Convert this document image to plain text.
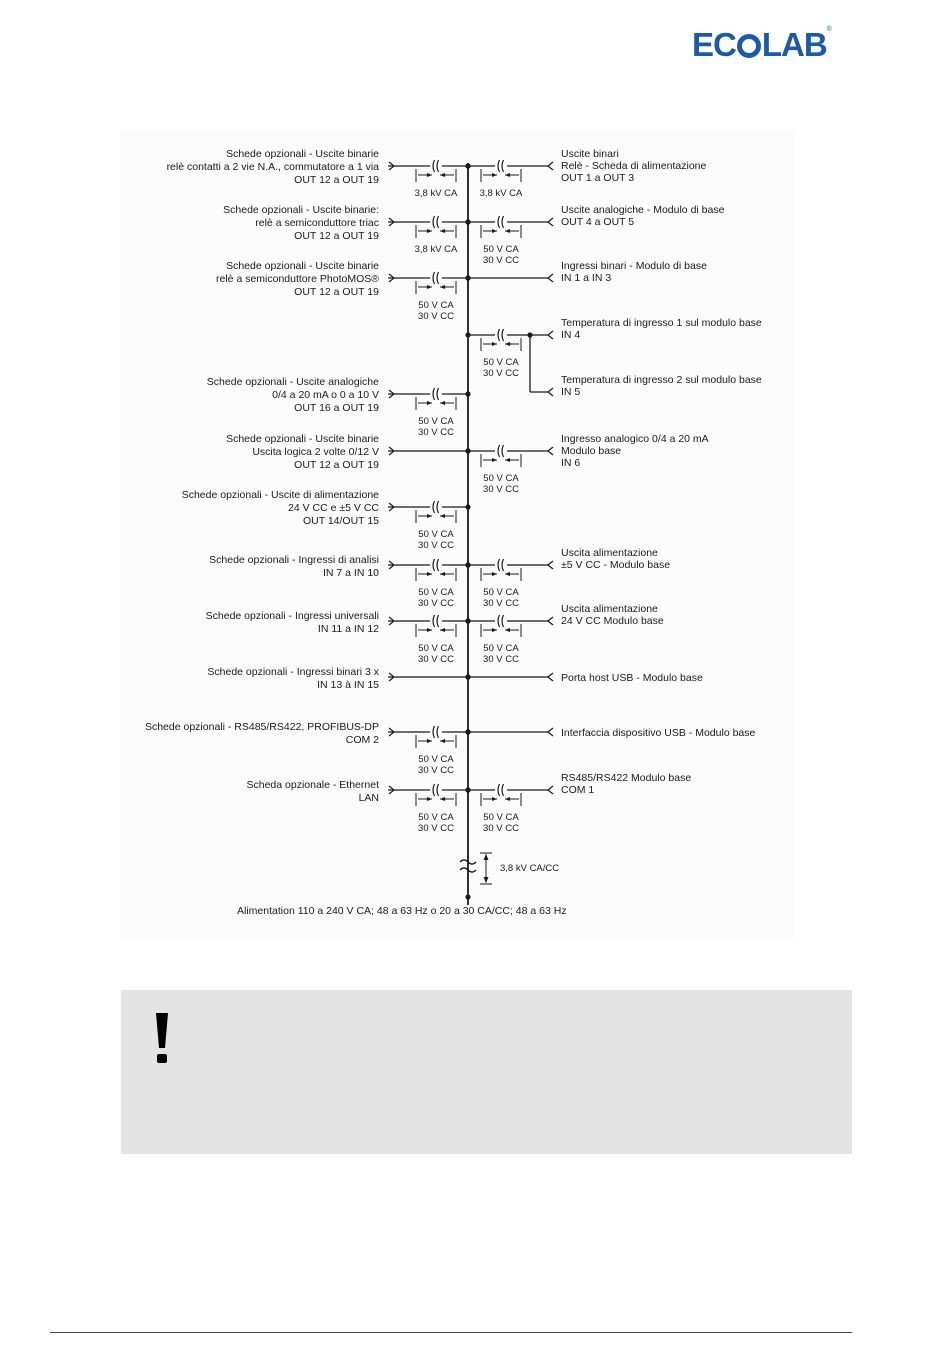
EC LAB®
3,8 kV CA/CC
Alimentation 110 a 240 V CA; 48 a 63 Hz o 20 a 30 CA/CC; 48 a 63 Hz
Schede opzionali - Uscite binarie
relè contatti a 2 vie N.A., commutatore a 1 via
OUT 12 a OUT 19
3,8 kV CA
Schede opzionali - Uscite binarie:
relè a semiconduttore triac
OUT 12 a OUT 19
3,8 kV CA
Schede opzionali - Uscite binarie
relè a semiconduttore PhotoMOS®
OUT 12 a OUT 19
50 V CA
30 V CC
Schede opzionali - Uscite analogiche
0/4 a 20 mA o 0 a 10 V
OUT 16 a OUT 19
50 V CA
30 V CC
Schede opzionali - Uscite binarie
Uscita logica 2 volte 0/12 V
OUT 12 a OUT 19
Schede opzionali - Uscite di alimentazione
24 V CC e ±5 V CC
OUT 14/OUT 15
50 V CA
30 V CC
Schede opzionali - Ingressi di analisi
IN 7 a IN 10
50 V CA
30 V CC
Schede opzionali - Ingressi universali
IN 11 a IN 12
50 V CA
30 V CC
Schede opzionali - Ingressi binari 3 x
IN 13 à IN 15
Schede opzionali - RS485/RS422, PROFIBUS-DP
COM 2
50 V CA
30 V CC
Scheda opzionale - Ethernet
LAN
50 V CA
30 V CC
Uscite binari
Relè - Scheda di alimentazione
OUT 1 a OUT 3
3,8 kV CA
Uscite analogiche - Modulo di base
OUT 4 a OUT 5
50 V CA
30 V CC	Ingressi binari - Modulo di base
IN 1 a IN 3
Temperatura di ingresso 1 sul modulo base
IN 4
50 V CA
30 V CC
Temperatura di ingresso 2 sul modulo base
IN 5
Ingresso analogico 0/4 a 20 mA
Modulo base
IN 6
50 V CA
30 V CC
Uscita alimentazione
±5 V CC - Modulo base
50 V CA
30 V CC	Uscita alimentazione
24 V CC Modulo base
50 V CA
30 V CC
Porta host USB - Modulo base
Interfaccia dispositivo USB - Modulo base
RS485/RS422 Modulo base
COM 1
50 V CA
30 V CC
